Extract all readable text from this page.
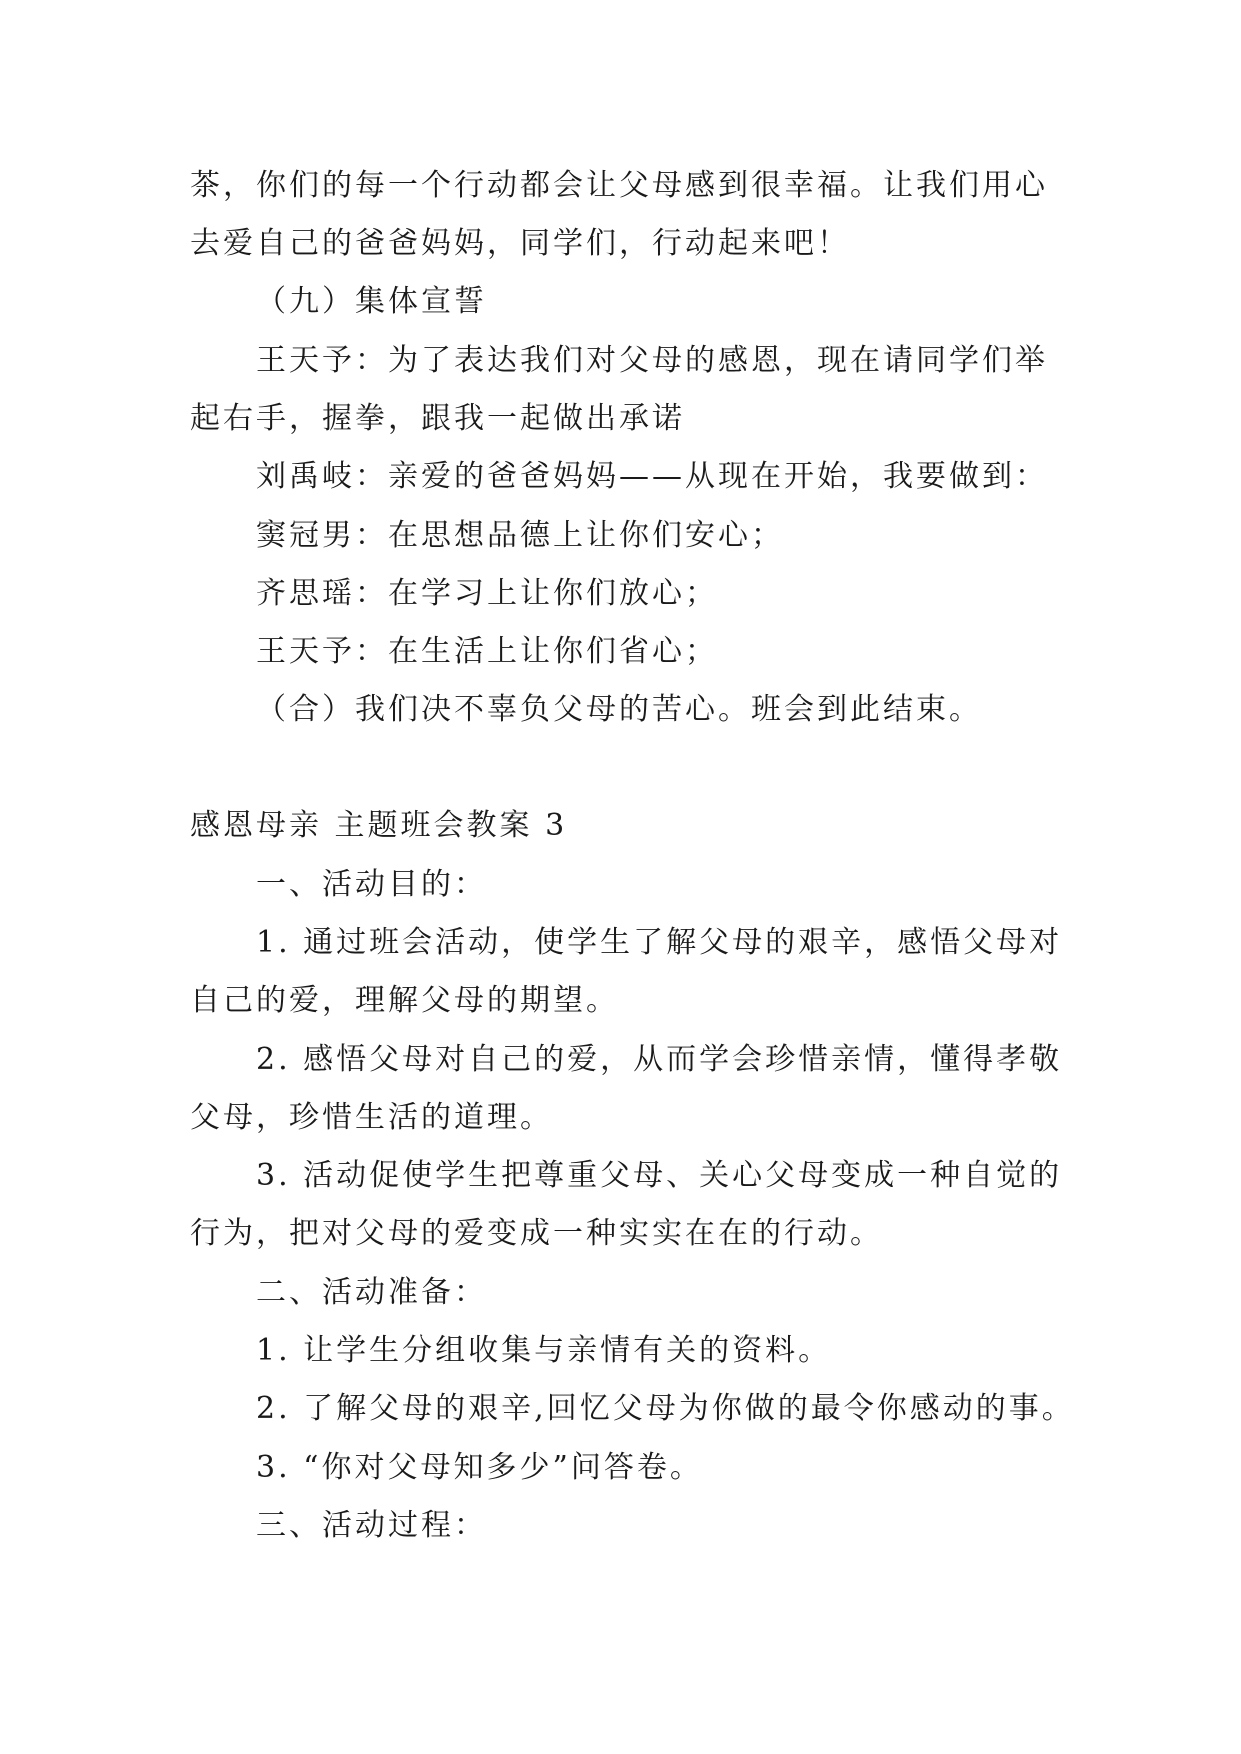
茶，你们的每一个行动都会让父母感到很幸福。让我们用心
去爱自己的爸爸妈妈，同学们，行动起来吧！
（九）集体宣誓
王天予：为了表达我们对父母的感恩，现在请同学们举
起右手，握拳，跟我一起做出承诺
刘禹岐：亲爱的爸爸妈妈——从现在开始，我要做到：
窦冠男：在思想品德上让你们安心；
齐思瑶：在学习上让你们放心；
王天予：在生活上让你们省心；
（合）我们决不辜负父母的苦心。班会到此结束。
感恩母亲 主题班会教案 3
一、活动目的：
1. 通过班会活动，使学生了解父母的艰辛，感悟父母对
自己的爱，理解父母的期望。
2. 感悟父母对自己的爱，从而学会珍惜亲情，懂得孝敬
父母，珍惜生活的道理。
3. 活动促使学生把尊重父母、关心父母变成一种自觉的
行为，把对父母的爱变成一种实实在在的行动。
二、活动准备：
1. 让学生分组收集与亲情有关的资料。
2. 了解父母的艰辛,回忆父母为你做的最令你感动的事。
3. “你对父母知多少”问答卷。
三、活动过程：
